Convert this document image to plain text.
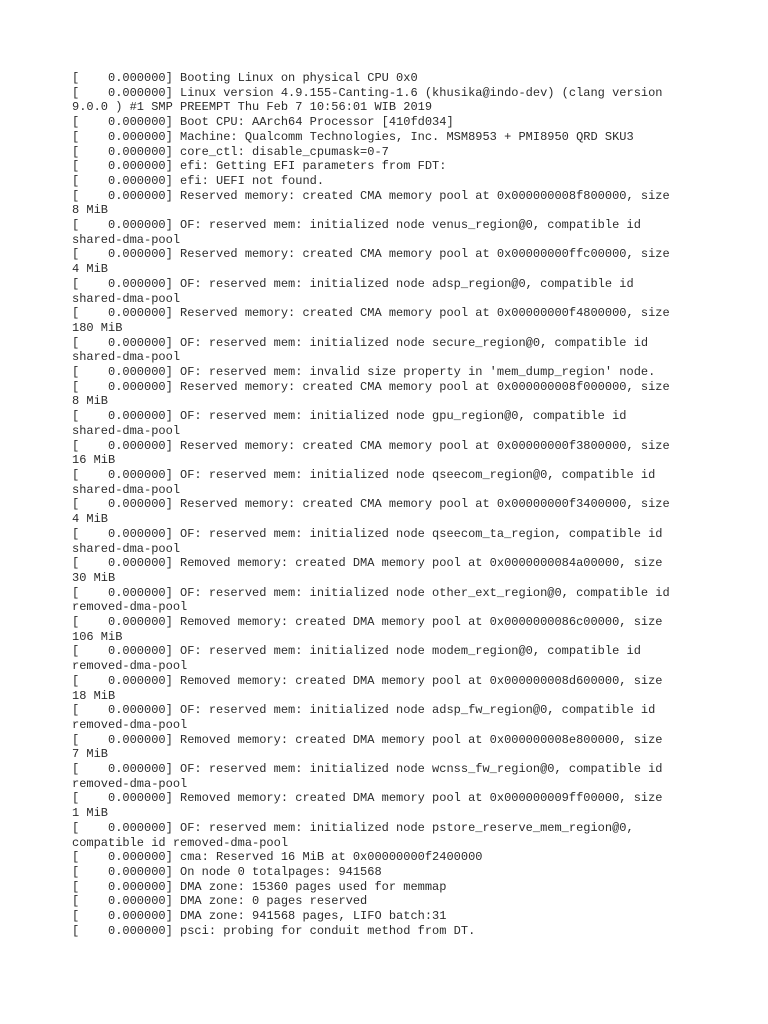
[    0.000000] Booting Linux on physical CPU 0x0
[    0.000000] Linux version 4.9.155-Canting-1.6 (khusika@indo-dev) (clang version
9.0.0 ) #1 SMP PREEMPT Thu Feb 7 10:56:01 WIB 2019
[    0.000000] Boot CPU: AArch64 Processor [410fd034]
[    0.000000] Machine: Qualcomm Technologies, Inc. MSM8953 + PMI8950 QRD SKU3
[    0.000000] core_ctl: disable_cpumask=0-7
[    0.000000] efi: Getting EFI parameters from FDT:
[    0.000000] efi: UEFI not found.
[    0.000000] Reserved memory: created CMA memory pool at 0x000000008f800000, size
8 MiB
[    0.000000] OF: reserved mem: initialized node venus_region@0, compatible id
shared-dma-pool
[    0.000000] Reserved memory: created CMA memory pool at 0x00000000ffc00000, size
4 MiB
[    0.000000] OF: reserved mem: initialized node adsp_region@0, compatible id
shared-dma-pool
[    0.000000] Reserved memory: created CMA memory pool at 0x00000000f4800000, size
180 MiB
[    0.000000] OF: reserved mem: initialized node secure_region@0, compatible id
shared-dma-pool
[    0.000000] OF: reserved mem: invalid size property in 'mem_dump_region' node.
[    0.000000] Reserved memory: created CMA memory pool at 0x000000008f000000, size
8 MiB
[    0.000000] OF: reserved mem: initialized node gpu_region@0, compatible id
shared-dma-pool
[    0.000000] Reserved memory: created CMA memory pool at 0x00000000f3800000, size
16 MiB
[    0.000000] OF: reserved mem: initialized node qseecom_region@0, compatible id
shared-dma-pool
[    0.000000] Reserved memory: created CMA memory pool at 0x00000000f3400000, size
4 MiB
[    0.000000] OF: reserved mem: initialized node qseecom_ta_region, compatible id
shared-dma-pool
[    0.000000] Removed memory: created DMA memory pool at 0x0000000084a00000, size
30 MiB
[    0.000000] OF: reserved mem: initialized node other_ext_region@0, compatible id
removed-dma-pool
[    0.000000] Removed memory: created DMA memory pool at 0x0000000086c00000, size
106 MiB
[    0.000000] OF: reserved mem: initialized node modem_region@0, compatible id
removed-dma-pool
[    0.000000] Removed memory: created DMA memory pool at 0x000000008d600000, size
18 MiB
[    0.000000] OF: reserved mem: initialized node adsp_fw_region@0, compatible id
removed-dma-pool
[    0.000000] Removed memory: created DMA memory pool at 0x000000008e800000, size
7 MiB
[    0.000000] OF: reserved mem: initialized node wcnss_fw_region@0, compatible id
removed-dma-pool
[    0.000000] Removed memory: created DMA memory pool at 0x000000009ff00000, size
1 MiB
[    0.000000] OF: reserved mem: initialized node pstore_reserve_mem_region@0,
compatible id removed-dma-pool
[    0.000000] cma: Reserved 16 MiB at 0x00000000f2400000
[    0.000000] On node 0 totalpages: 941568
[    0.000000] DMA zone: 15360 pages used for memmap
[    0.000000] DMA zone: 0 pages reserved
[    0.000000] DMA zone: 941568 pages, LIFO batch:31
[    0.000000] psci: probing for conduit method from DT.
